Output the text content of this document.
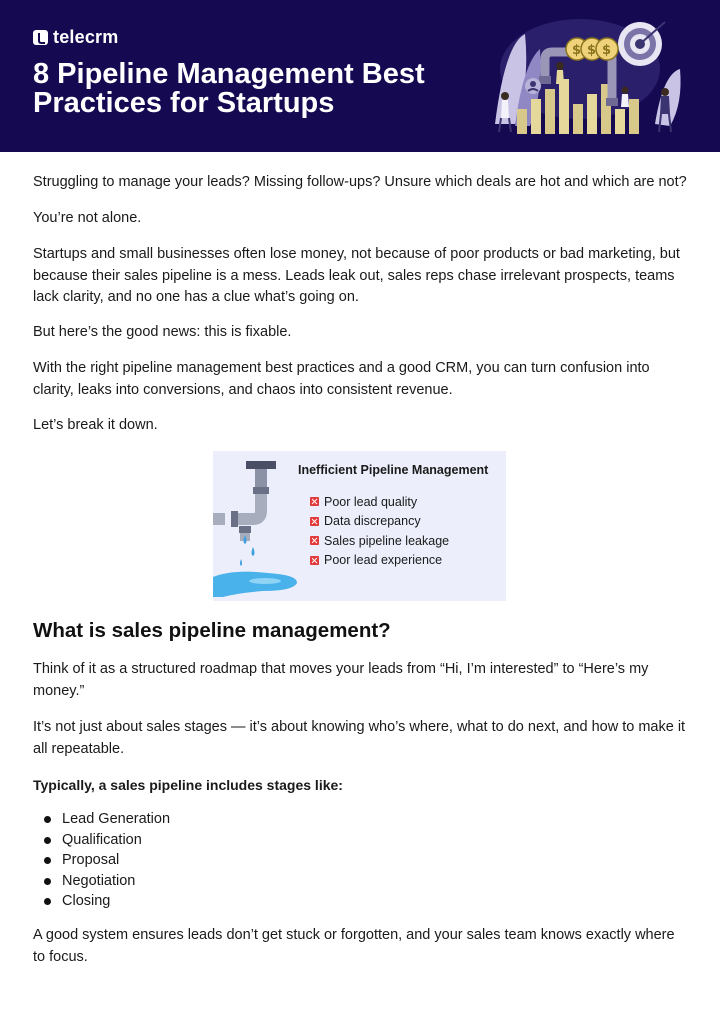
telecrm
8 Pipeline Management Best Practices for Startups
$ $ $

Struggling to manage your leads? Missing follow-ups? Unsure which deals are hot and which are not?

You’re not alone.

Startups and small businesses often lose money, not because of poor products or bad marketing, but because their sales pipeline is a mess. Leads leak out, sales reps chase irrelevant prospects, teams lack clarity, and no one has a clue what’s going on.

But here’s the good news: this is fixable.

With the right pipeline management best practices and a good CRM, you can turn confusion into clarity, leaks into conversions, and chaos into consistent revenue.

Let’s break it down.

Inefficient Pipeline Management
Poor lead quality
Data discrepancy
Sales pipeline leakage
Poor lead experience
What is sales pipeline management?

Think of it as a structured roadmap that moves your leads from “Hi, I’m interested” to “Here’s my money.”

It’s not just about sales stages — it’s about knowing who’s where, what to do next, and how to make it all repeatable.

Typically, a sales pipeline includes stages like:

Lead Generation
Qualification
Proposal
Negotiation
Closing

A good system ensures leads don’t get stuck or forgotten, and your sales team knows exactly where to focus.
